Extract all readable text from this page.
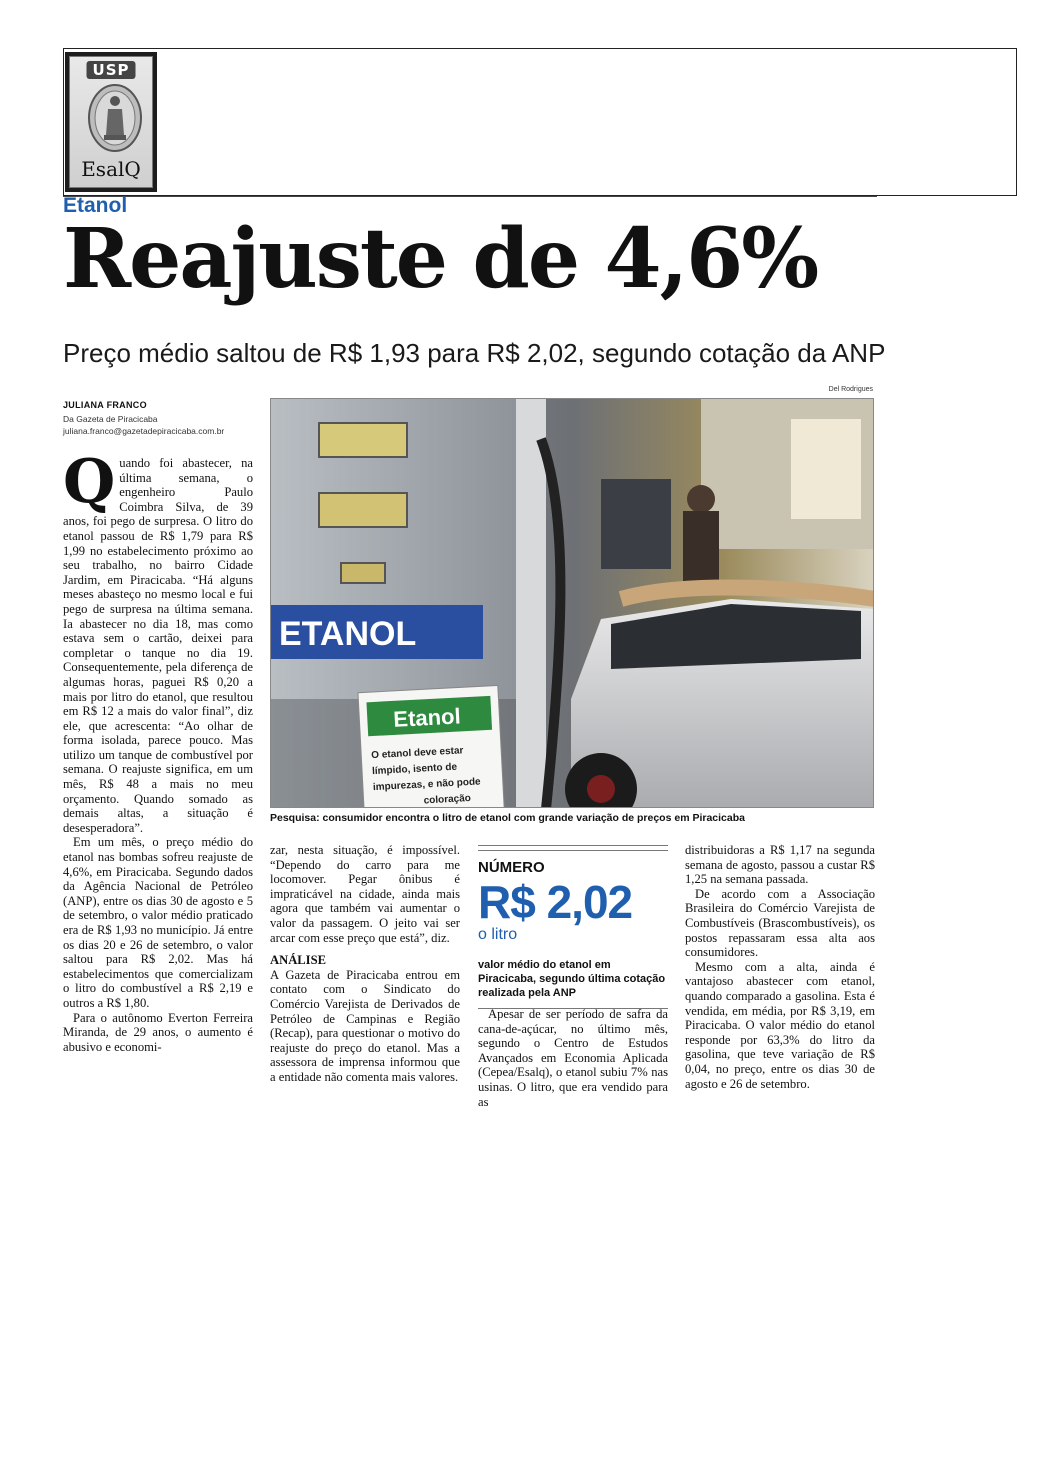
USP
EsalQ
Etanol
Reajuste de 4,6%
Preço médio saltou de R$ 1,93 para R$ 2,02, segundo cotação da ANP
Del Rodrigues
JULIANA FRANCO
Da Gazeta de Piracicaba
juliana.franco@gazetadepiracicaba.com.br
ETANOL
Etanol
O etanol deve estar
límpido, isento de
impurezas, e não pode
coloração
Pesquisa: consumidor encontra o litro de etanol com grande variação de preços em Piracicaba

Quando foi abastecer, na última semana, o engenheiro Paulo Coimbra Silva, de 39 anos, foi pego de surpresa. O litro do etanol passou de R$ 1,79 para R$ 1,99 no estabelecimento próximo ao seu trabalho, no bairro Cidade Jardim, em Piracicaba. “Há alguns meses abasteço no mesmo local e fui pego de surpresa na última semana. Ia abastecer no dia 18, mas como estava sem o cartão, deixei para completar o tanque no dia 19. Consequentemente, pela diferença de algumas horas, paguei R$ 0,20 a mais por litro do etanol, que resultou em R$ 12 a mais do valor final”, diz ele, que acrescenta: “Ao olhar de forma isolada, parece pouco. Mas utilizo um tanque de combustível por semana. O reajuste significa, em um mês, R$ 48 a mais no meu orçamento. Quando somado as demais altas, a situação é desesperadora”.

Em um mês, o preço médio do etanol nas bombas sofreu reajuste de 4,6%, em Piracicaba. Segundo dados da Agência Nacional de Petróleo (ANP), entre os dias 30 de agosto e 5 de setembro, o valor médio praticado era de R$ 1,93 no município. Já entre os dias 20 e 26 de setembro, o valor saltou para R$ 2,02. Mas há estabelecimentos que comercializam o litro do combustível a R$ 2,19 e outros a R$ 1,80.

Para o autônomo Everton Ferreira Miranda, de 29 anos, o aumento é abusivo e economi-

zar, nesta situação, é impossível. “Dependo do carro para me locomover. Pegar ônibus é impraticável na cidade, ainda mais agora que também vai aumentar o valor da passagem. O jeito vai ser arcar com esse preço que está”, diz.

ANÁLISE

A Gazeta de Piracicaba entrou em contato com o Sindicato do Comércio Varejista de Derivados de Petróleo de Campinas e Região (Recap), para questionar o motivo do reajuste do preço do etanol. Mas a assessora de imprensa informou que a entidade não comenta mais valores.

NÚMERO
R$ 2,02
o litro
valor médio do etanol em Piracicaba, segundo última cotação realizada pela ANP

Apesar de ser período de safra da cana-de-açúcar, no último mês, segundo o Centro de Estudos Avançados em Economia Aplicada (Cepea/Esalq), o etanol subiu 7% nas usinas. O litro, que era vendido para as

distribuidoras a R$ 1,17 na segunda semana de agosto, passou a custar R$ 1,25 na semana passada.

De acordo com a Associação Brasileira do Comércio Varejista de Combustíveis (Brascombustíveis), os postos repassaram essa alta aos consumidores.

Mesmo com a alta, ainda é vantajoso abastecer com etanol, quando comparado a gasolina. Esta é vendida, em média, por R$ 3,19, em Piracicaba. O valor médio do etanol responde por 63,3% do litro da gasolina, que teve variação de R$ 0,04, no preço, entre os dias 30 de agosto e 26 de setembro.
